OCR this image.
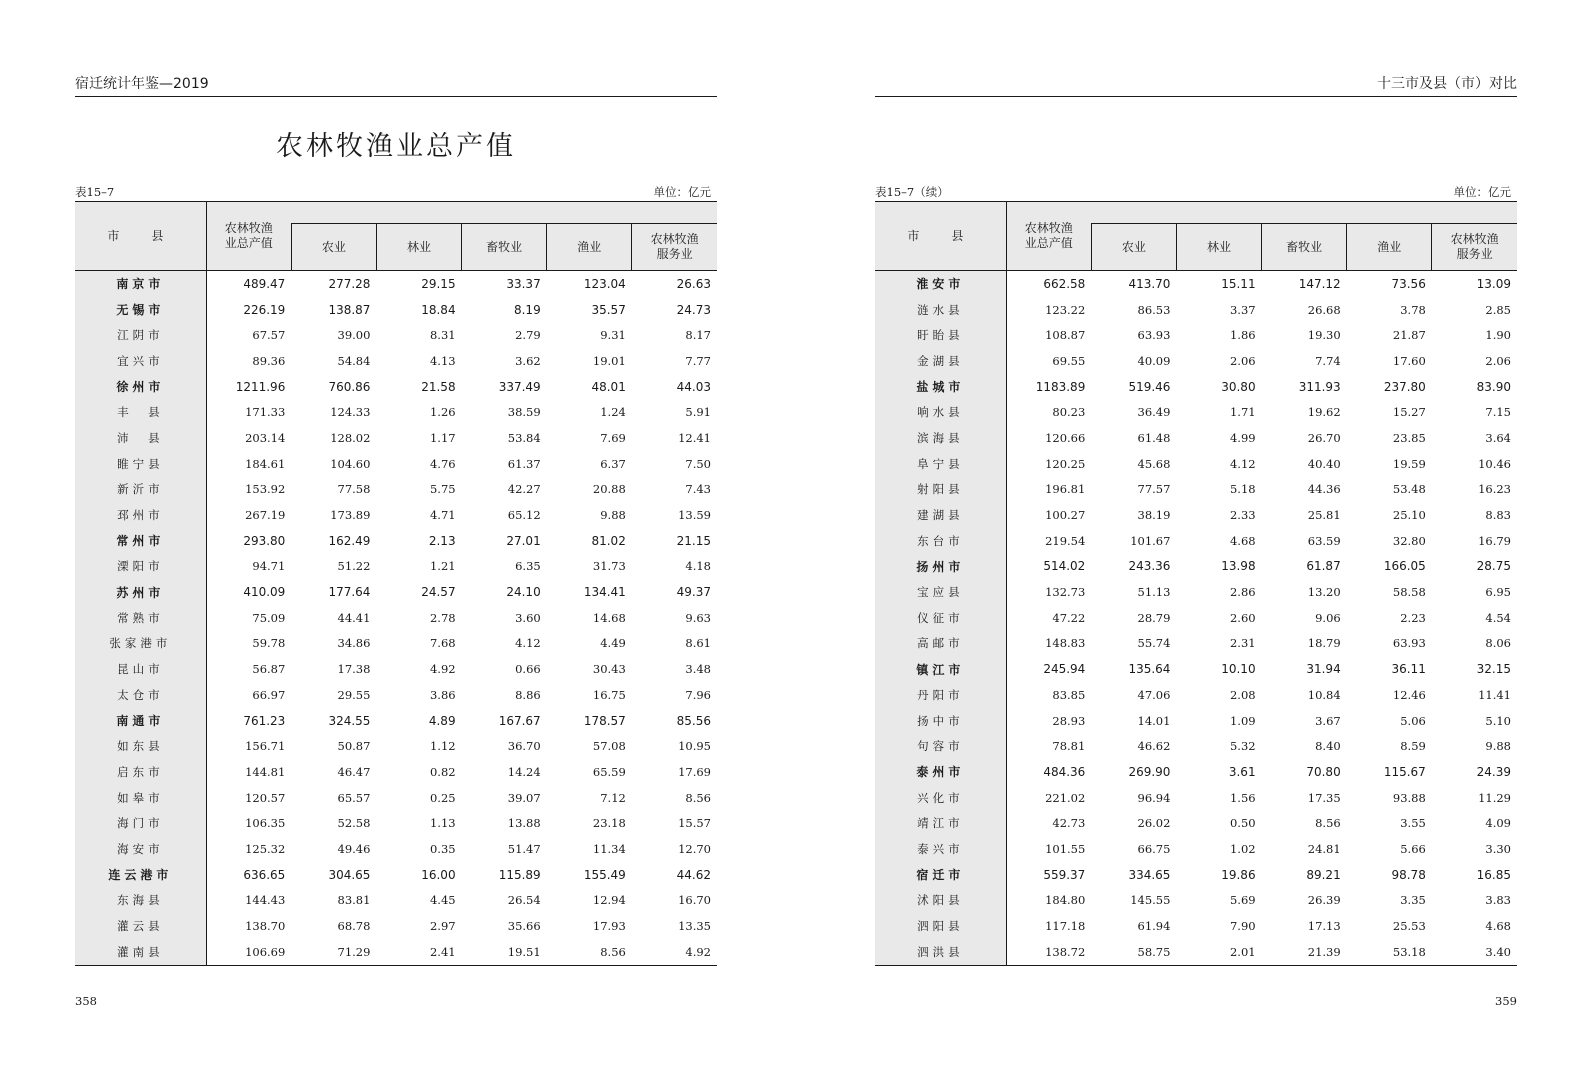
宿迁统计年鉴—2019
农林牧渔业总产值
表15–7	单位：亿元
市　县	农林牧渔
业总产值					
		农业	林业	畜牧业	渔业	农林牧渔
服务业
南京市	489.47	277.28	29.15	33.37	123.04	26.63
无锡市	226.19	138.87	18.84	8.19	35.57	24.73
江阴市	67.57	39.00	8.31	2.79	9.31	8.17
宜兴市	89.36	54.84	4.13	3.62	19.01	7.77
徐州市	1211.96	760.86	21.58	337.49	48.01	44.03
丰　县	171.33	124.33	1.26	38.59	1.24	5.91
沛　县	203.14	128.02	1.17	53.84	7.69	12.41
睢宁县	184.61	104.60	4.76	61.37	6.37	7.50
新沂市	153.92	77.58	5.75	42.27	20.88	7.43
邳州市	267.19	173.89	4.71	65.12	9.88	13.59
常州市	293.80	162.49	2.13	27.01	81.02	21.15
溧阳市	94.71	51.22	1.21	6.35	31.73	4.18
苏州市	410.09	177.64	24.57	24.10	134.41	49.37
常熟市	75.09	44.41	2.78	3.60	14.68	9.63
张家港市	59.78	34.86	7.68	4.12	4.49	8.61
昆山市	56.87	17.38	4.92	0.66	30.43	3.48
太仓市	66.97	29.55	3.86	8.86	16.75	7.96
南通市	761.23	324.55	4.89	167.67	178.57	85.56
如东县	156.71	50.87	1.12	36.70	57.08	10.95
启东市	144.81	46.47	0.82	14.24	65.59	17.69
如皋市	120.57	65.57	0.25	39.07	7.12	8.56
海门市	106.35	52.58	1.13	13.88	23.18	15.57
海安市	125.32	49.46	0.35	51.47	11.34	12.70
连云港市	636.65	304.65	16.00	115.89	155.49	44.62
东海县	144.43	83.81	4.45	26.54	12.94	16.70
灌云县	138.70	68.78	2.97	35.66	17.93	13.35
灌南县	106.69	71.29	2.41	19.51	8.56	4.92
358
十三市及县（市）对比
表15–7（续）	单位：亿元
市　县	农林牧渔
业总产值					
		农业	林业	畜牧业	渔业	农林牧渔
服务业
淮安市	662.58	413.70	15.11	147.12	73.56	13.09
涟水县	123.22	86.53	3.37	26.68	3.78	2.85
盱眙县	108.87	63.93	1.86	19.30	21.87	1.90
金湖县	69.55	40.09	2.06	7.74	17.60	2.06
盐城市	1183.89	519.46	30.80	311.93	237.80	83.90
响水县	80.23	36.49	1.71	19.62	15.27	7.15
滨海县	120.66	61.48	4.99	26.70	23.85	3.64
阜宁县	120.25	45.68	4.12	40.40	19.59	10.46
射阳县	196.81	77.57	5.18	44.36	53.48	16.23
建湖县	100.27	38.19	2.33	25.81	25.10	8.83
东台市	219.54	101.67	4.68	63.59	32.80	16.79
扬州市	514.02	243.36	13.98	61.87	166.05	28.75
宝应县	132.73	51.13	2.86	13.20	58.58	6.95
仪征市	47.22	28.79	2.60	9.06	2.23	4.54
高邮市	148.83	55.74	2.31	18.79	63.93	8.06
镇江市	245.94	135.64	10.10	31.94	36.11	32.15
丹阳市	83.85	47.06	2.08	10.84	12.46	11.41
扬中市	28.93	14.01	1.09	3.67	5.06	5.10
句容市	78.81	46.62	5.32	8.40	8.59	9.88
泰州市	484.36	269.90	3.61	70.80	115.67	24.39
兴化市	221.02	96.94	1.56	17.35	93.88	11.29
靖江市	42.73	26.02	0.50	8.56	3.55	4.09
泰兴市	101.55	66.75	1.02	24.81	5.66	3.30
宿迁市	559.37	334.65	19.86	89.21	98.78	16.85
沭阳县	184.80	145.55	5.69	26.39	3.35	3.83
泗阳县	117.18	61.94	7.90	17.13	25.53	4.68
泗洪县	138.72	58.75	2.01	21.39	53.18	3.40
359
